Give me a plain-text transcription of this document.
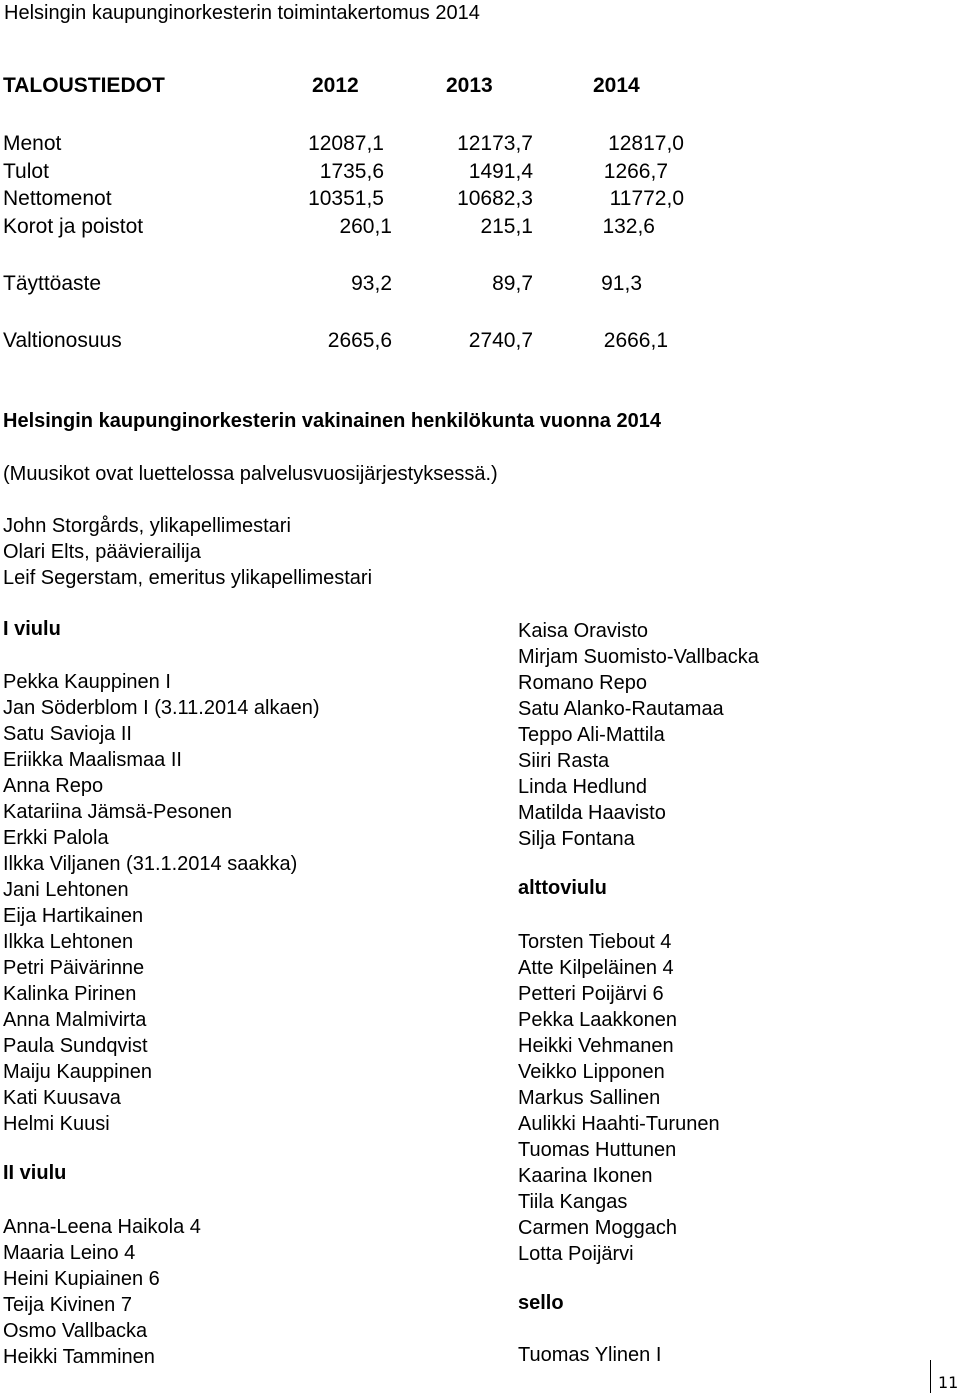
Helsingin kaupunginorkesterin toimintakertomus 2014
TALOUSTIEDOT	2012	2013	2014
Menot	12087,1	12173,7	12817,0
Tulot	1735,6	1491,4	1266,7
Nettomenot	10351,5	10682,3	11772,0
Korot ja poistot	260,1	215,1	132,6
Täyttöaste	93,2	89,7	91,3
Valtionosuus	2665,6	2740,7	2666,1
Helsingin kaupunginorkesterin vakinainen henkilökunta vuonna 2014
(Muusikot ovat luettelossa palvelusvuosijärjestyksessä.)
John Storgårds, ylikapellimestari
Olari Elts, päävierailija
Leif Segerstam, emeritus ylikapellimestari
I viulu
Pekka Kauppinen I
Jan Söderblom I (3.11.2014 alkaen)
Satu Savioja II
Eriikka Maalismaa II
Anna Repo
Katariina Jämsä-Pesonen
Erkki Palola
Ilkka Viljanen (31.1.2014 saakka)
Jani Lehtonen
Eija Hartikainen
Ilkka Lehtonen
Petri Päivärinne
Kalinka Pirinen
Anna Malmivirta
Paula Sundqvist
Maiju Kauppinen
Kati Kuusava
Helmi Kuusi
II viulu
Anna-Leena Haikola 4
Maaria Leino 4
Heini Kupiainen 6
Teija Kivinen 7
Osmo Vallbacka
Heikki Tamminen
Kaisa Oravisto
Mirjam Suomisto-Vallbacka
Romano Repo
Satu Alanko-Rautamaa
Teppo Ali-Mattila
Siiri Rasta
Linda Hedlund
Matilda Haavisto
Silja Fontana
alttoviulu
Torsten Tiebout 4
Atte Kilpeläinen 4
Petteri Poijärvi 6
Pekka Laakkonen
Heikki Vehmanen
Veikko Lipponen
Markus Sallinen
Aulikki Haahti-Turunen
Tuomas Huttunen
Kaarina Ikonen
Tiila Kangas
Carmen Moggach
Lotta Poijärvi
sello
Tuomas Ylinen I
11
